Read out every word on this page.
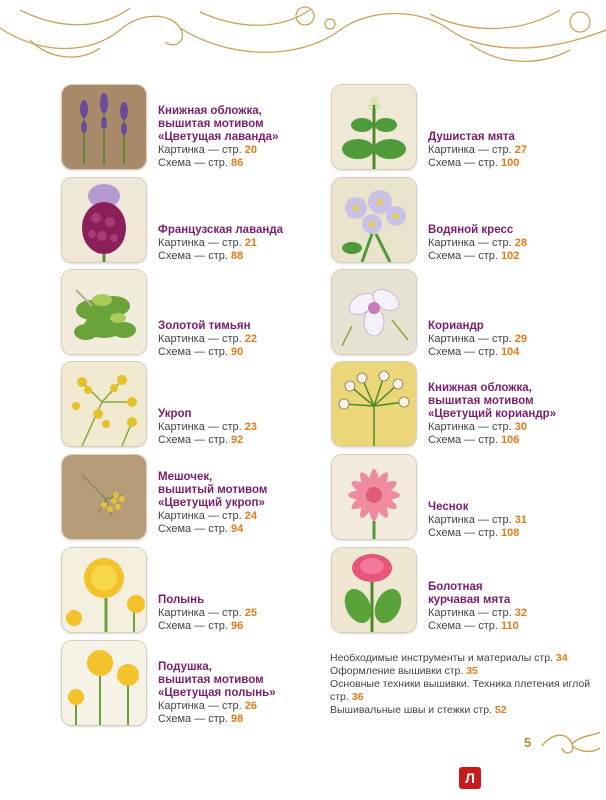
Книжная обложка,
вышитая мотивом
«Цветущая лаванда»
Картинка — стр. 20
Схема — стр. 86
Французская лаванда
Картинка — стр. 21
Схема — стр. 88
Золотой тимьян
Картинка — стр. 22
Схема — стр. 90
Укроп
Картинка — стр. 23
Схема — стр. 92
Мешочек,
вышитый мотивом
«Цветущий укроп»
Картинка — стр. 24
Схема — стр. 94
Полынь
Картинка — стр. 25
Схема — стр. 96
Подушка,
вышитая мотивом
«Цветущая полынь»
Картинка — стр. 26
Схема — стр. 98
Душистая мята
Картинка — стр. 27
Схема — стр. 100
Водяной кресс
Картинка — стр. 28
Схема — стр. 102
Кориандр
Картинка — стр. 29
Схема — стр. 104
Книжная обложка,
вышитая мотивом
«Цветущий кориандр»
Картинка — стр. 30
Схема — стр. 106
Чеснок
Картинка — стр. 31
Схема — стр. 108
Болотная
курчавая мята
Картинка — стр. 32
Схема — стр. 110
Необходимые инструменты и материалы стр. 34
Оформление вышивки стр. 35
Основные техники вышивки. Техника плетения иглой стр. 36
Вышивальные швы и стежки стр. 52
5
Л
